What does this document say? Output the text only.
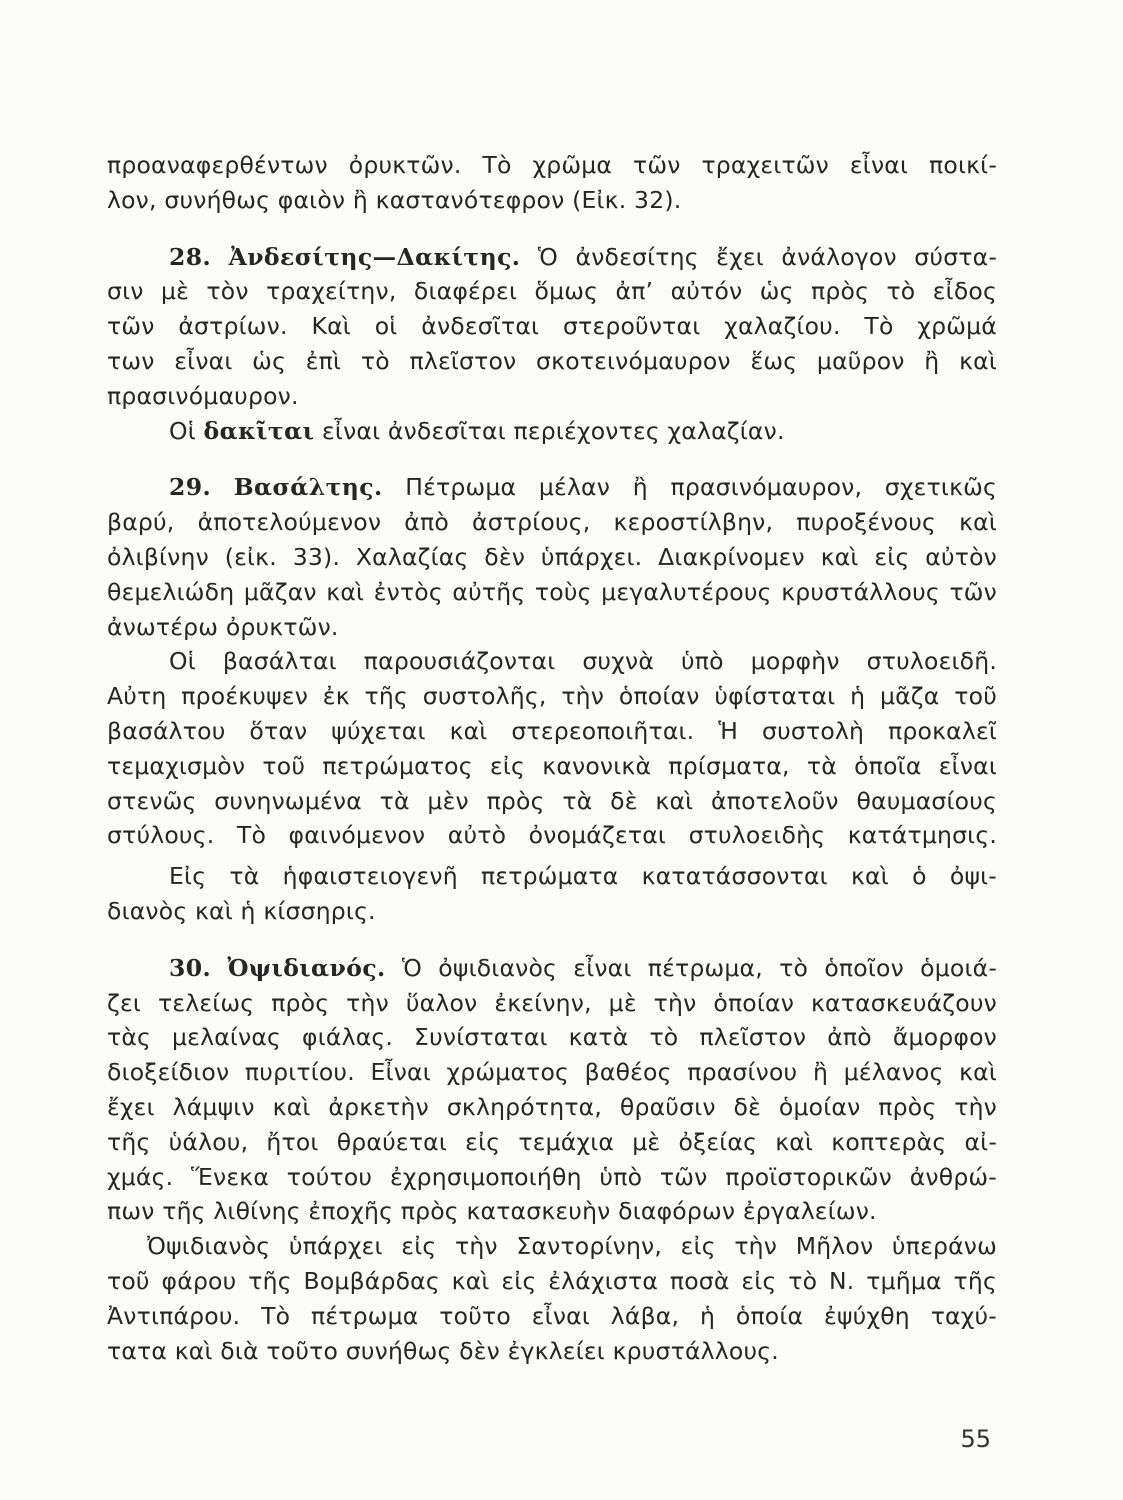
προαναφερθέντων ὀρυκτῶν. Τὸ χρῶμα τῶν τραχειτῶν εἶναι ποικί-
λον, συνήθως φαιὸν ἢ καστανότεφρον (Εἰκ. 32).
28. Ἀνδεσίτης—Δακίτης. Ὁ ἀνδεσίτης ἔχει ἀνάλογον σύστα-
σιν μὲ τὸν τραχείτην, διαφέρει ὅμως ἀπ’ αὐτόν ὡς πρὸς τὸ εἶδος
τῶν ἀστρίων. Καὶ οἱ ἀνδεσῖται στεροῦνται χαλαζίου. Τὸ χρῶμά
των εἶναι ὡς ἐπὶ τὸ πλεῖστον σκοτεινόμαυρον ἕως μαῦρον ἢ καὶ
πρασινόμαυρον.
Οἱ δακῖται εἶναι ἀνδεσῖται περιέχοντες χαλαζίαν.
29. Βασάλτης. Πέτρωμα μέλαν ἢ πρασινόμαυρον, σχετικῶς
βαρύ, ἀποτελούμενον ἀπὸ ἀστρίους, κεροστίλβην, πυροξένους καὶ
ὀλιβίνην (εἰκ. 33). Χαλαζίας δὲν ὑπάρχει. Διακρίνομεν καὶ εἰς αὐτὸν
θεμελιώδη μᾶζαν καὶ ἐντὸς αὐτῆς τοὺς μεγαλυτέρους κρυστάλλους τῶν
ἀνωτέρω ὀρυκτῶν.
Οἱ βασάλται παρουσιάζονται συχνὰ ὑπὸ μορφὴν στυλοειδῆ.
Αὐτη προέκυψεν ἐκ τῆς συστολῆς, τὴν ὁποίαν ὑφίσταται ἡ μᾶζα τοῦ
βασάλτου ὅταν ψύχεται καὶ στερεοποιῆται. Ἡ συστολὴ προκαλεῖ
τεμαχισμὸν τοῦ πετρώματος εἰς κανονικὰ πρίσματα, τὰ ὁποῖα εἶναι
στενῶς συνηνωμένα τὰ μὲν πρὸς τὰ δὲ καὶ ἀποτελοῦν θαυμασίους
στύλους. Τὸ φαινόμενον αὐτὸ ὀνομάζεται στυλοειδὴς κατάτμησις.
Εἰς τὰ ἡφαιστειογενῆ πετρώματα κατατάσσονται καὶ ὁ ὀψι-
διανὸς καὶ ἡ κίσσηρις.
30. Ὀψιδιανός. Ὁ ὀψιδιανὸς εἶναι πέτρωμα, τὸ ὁποῖον ὁμοιά-
ζει τελείως πρὸς τὴν ὕαλον ἐκείνην, μὲ τὴν ὁποίαν κατασκευάζουν
τὰς μελαίνας φιάλας. Συνίσταται κατὰ τὸ πλεῖστον ἀπὸ ἄμορφον
διοξείδιον πυριτίου. Εἶναι χρώματος βαθέος πρασίνου ἢ μέλανος καὶ
ἔχει λάμψιν καὶ ἀρκετὴν σκληρότητα, θραῦσιν δὲ ὁμοίαν πρὸς τὴν
τῆς ὑάλου, ἤτοι θραύεται εἰς τεμάχια μὲ ὀξείας καὶ κοπτερὰς αἰ-
χμάς. Ἕνεκα τούτου ἐχρησιμοποιήθη ὑπὸ τῶν προϊστορικῶν ἀνθρώ-
πων τῆς λιθίνης ἐποχῆς πρὸς κατασκευὴν διαφόρων ἐργαλείων.
Ὀψιδιανὸς ὑπάρχει εἰς τὴν Σαντορίνην, εἰς τὴν Μῆλον ὑπεράνω
τοῦ φάρου τῆς Βομβάρδας καὶ εἰς ἐλάχιστα ποσὰ εἰς τὸ Ν. τμῆμα τῆς
Ἀντιπάρου. Τὸ πέτρωμα τοῦτο εἶναι λάβα, ἡ ὁποία ἐψύχθη ταχύ-
τατα καὶ διὰ τοῦτο συνήθως δὲν ἐγκλείει κρυστάλλους.
55
